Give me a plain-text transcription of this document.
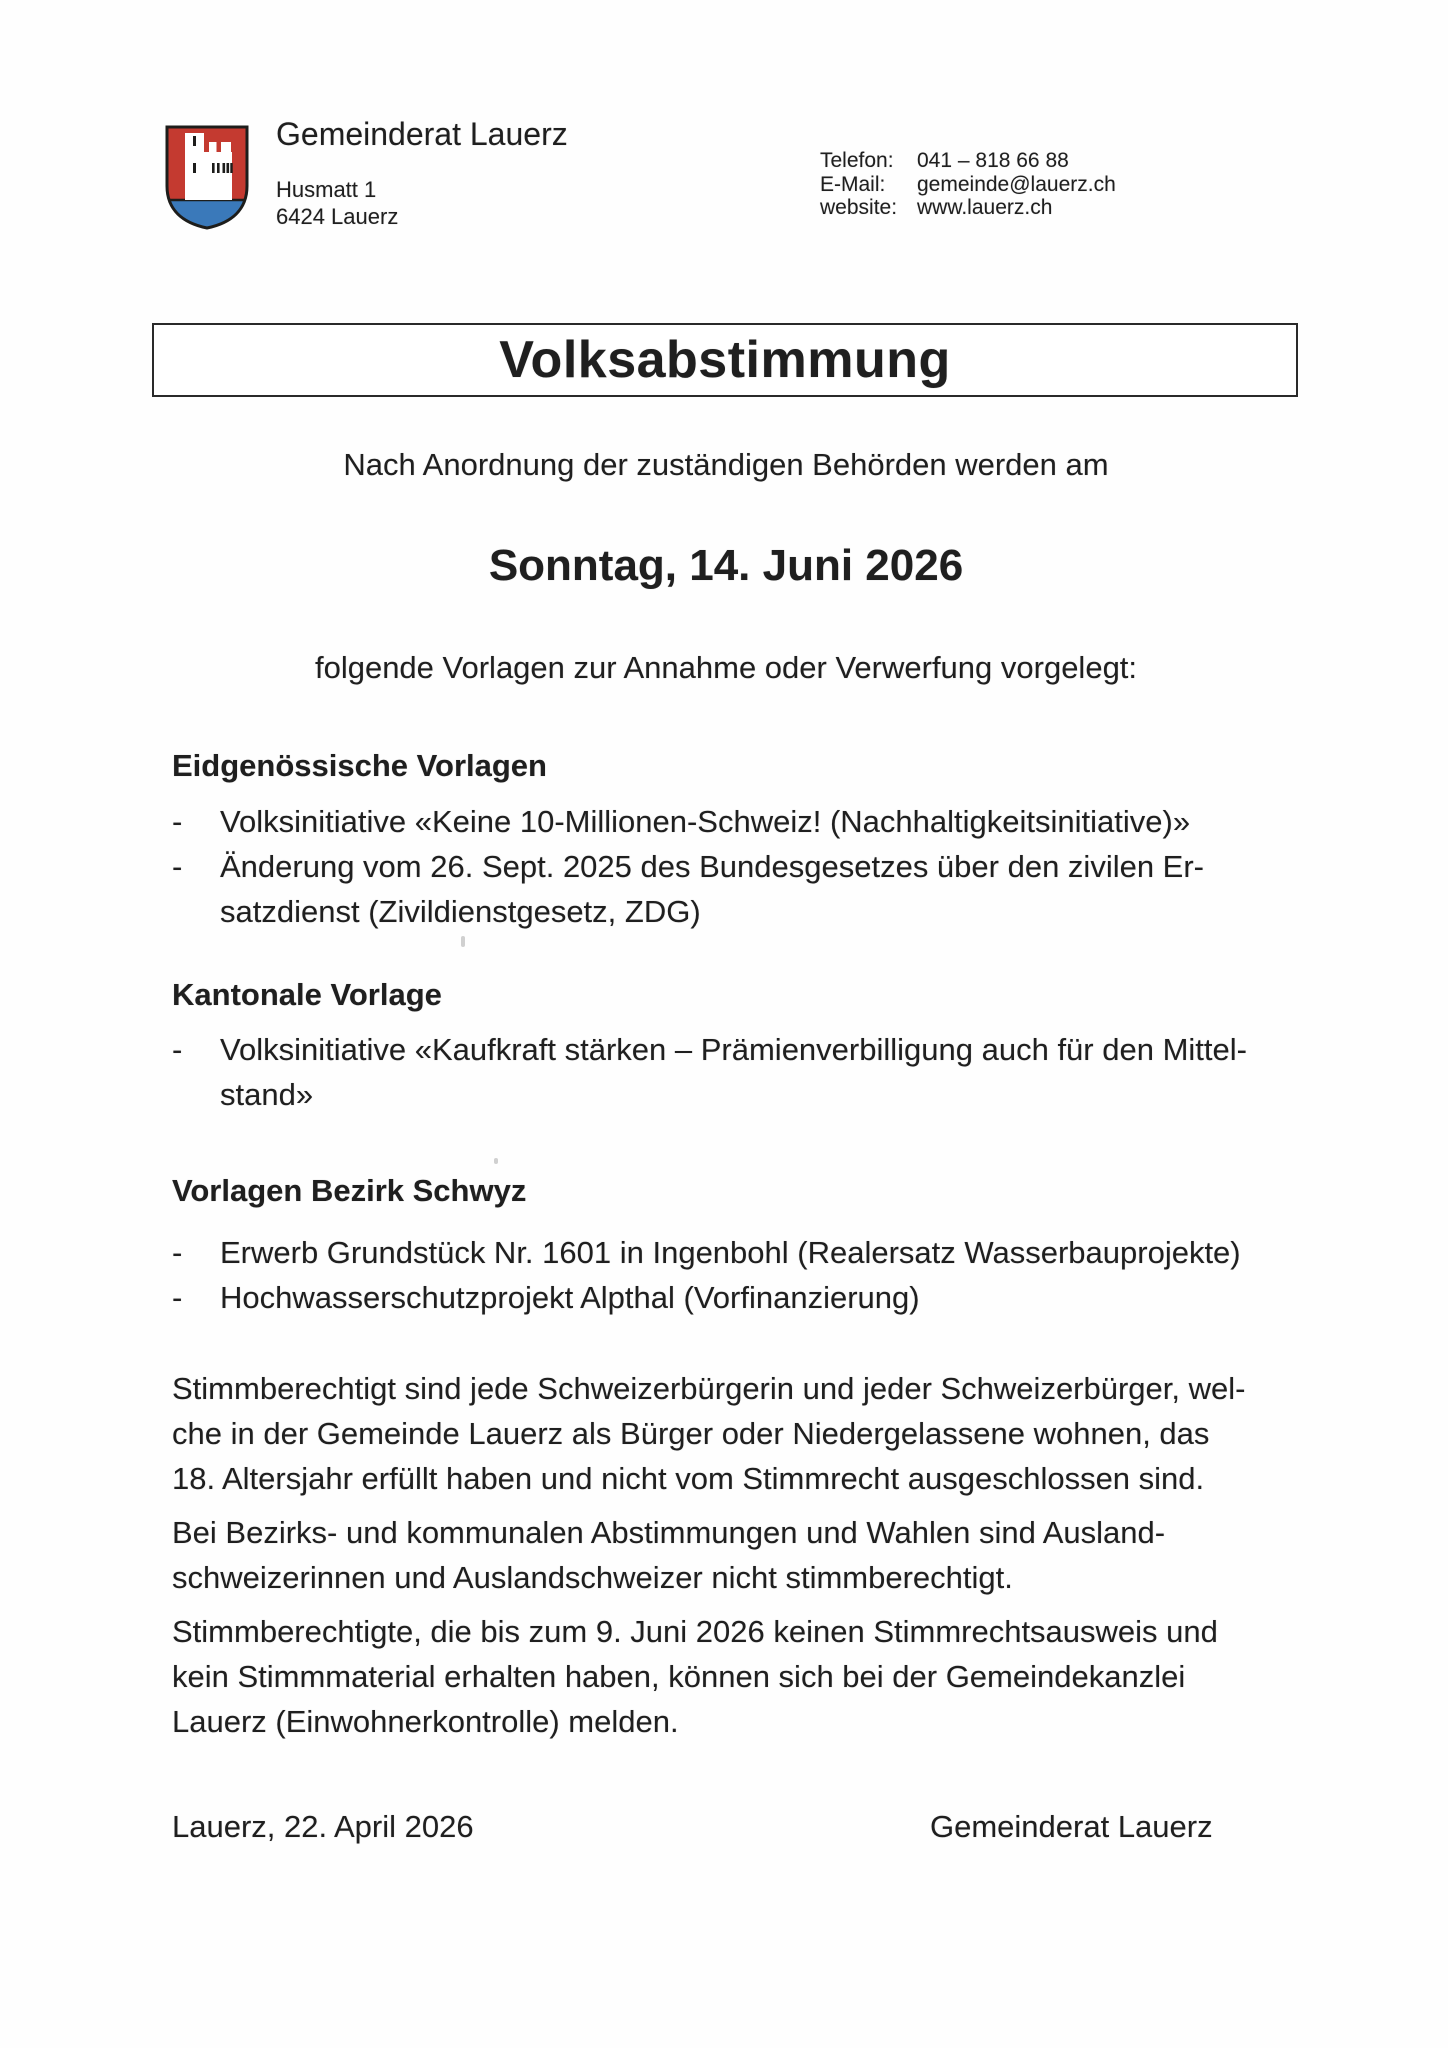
Gemeinderat Lauerz
Husmatt 1
6424 Lauerz
Telefon:	041 – 818 66 88
E-Mail:	gemeinde@lauerz.ch
website: www.lauerz.ch
Volksabstimmung
Nach Anordnung der zuständigen Behörden werden am
Sonntag, 14. Juni 2026
folgende Vorlagen zur Annahme oder Verwerfung vorgelegt:
Eidgenössische Vorlagen
-	Volksinitiative «Keine 10-Millionen-Schweiz! (Nachhaltigkeitsinitiative)»
-	Änderung vom 26. Sept. 2025 des Bundesgesetzes über den zivilen Er-
satzdienst (Zivildienstgesetz, ZDG)
Kantonale Vorlage
-	Volksinitiative «Kaufkraft stärken – Prämienverbilligung auch für den Mittel-
stand»
Vorlagen Bezirk Schwyz
-	Erwerb Grundstück Nr. 1601 in Ingenbohl (Realersatz Wasserbauprojekte)
-	Hochwasserschutzprojekt Alpthal (Vorfinanzierung)
Stimmberechtigt sind jede Schweizerbürgerin und jeder Schweizerbürger, wel-
che in der Gemeinde Lauerz als Bürger oder Niedergelassene wohnen, das
18. Altersjahr erfüllt haben und nicht vom Stimmrecht ausgeschlossen sind.
Bei Bezirks- und kommunalen Abstimmungen und Wahlen sind Ausland-
schweizerinnen und Auslandschweizer nicht stimmberechtigt.
Stimmberechtigte, die bis zum 9. Juni 2026 keinen Stimmrechtsausweis und
kein Stimmmaterial erhalten haben, können sich bei der Gemeindekanzlei
Lauerz (Einwohnerkontrolle) melden.
Lauerz, 22. April 2026	Gemeinderat Lauerz
